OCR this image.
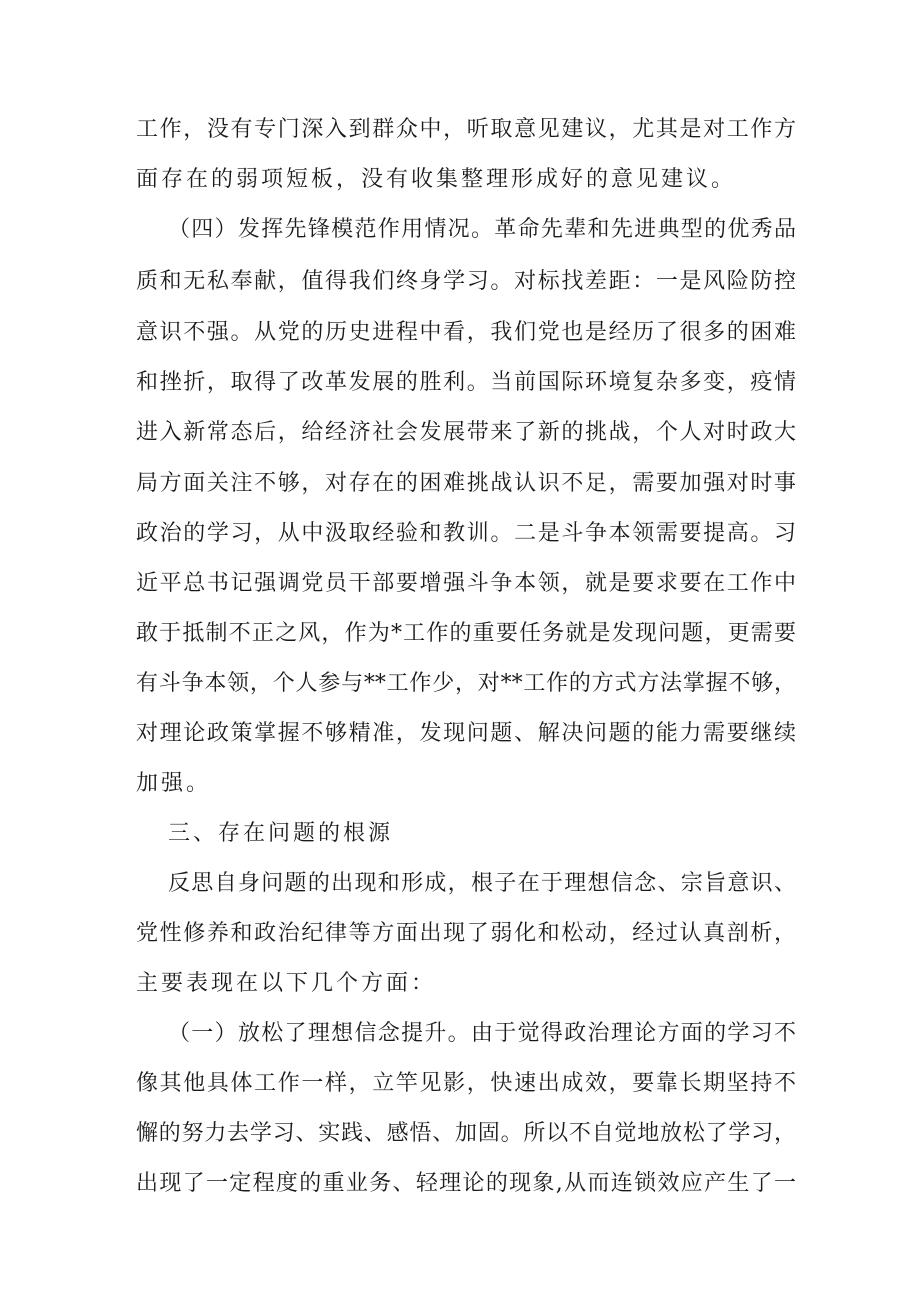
工作，没有专门深入到群众中，听取意见建议，尤其是对工作方
面存在的弱项短板，没有收集整理形成好的意见建议。
（四）发挥先锋模范作用情况。革命先辈和先进典型的优秀品
质和无私奉献，值得我们终身学习。对标找差距：一是风险防控
意识不强。从党的历史进程中看，我们党也是经历了很多的困难
和挫折，取得了改革发展的胜利。当前国际环境复杂多变，疫情
进入新常态后，给经济社会发展带来了新的挑战，个人对时政大
局方面关注不够，对存在的困难挑战认识不足，需要加强对时事
政治的学习，从中汲取经验和教训。二是斗争本领需要提高。习
近平总书记强调党员干部要增强斗争本领，就是要求要在工作中
敢于抵制不正之风，作为*工作的重要任务就是发现问题，更需要
有斗争本领，个人参与**工作少，对**工作的方式方法掌握不够，
对理论政策掌握不够精准，发现问题、解决问题的能力需要继续
加强。
三、存在问题的根源
反思自身问题的出现和形成，根子在于理想信念、宗旨意识、
党性修养和政治纪律等方面出现了弱化和松动，经过认真剖析，
主要表现在以下几个方面：
（一）放松了理想信念提升。由于觉得政治理论方面的学习不
像其他具体工作一样，立竿见影，快速出成效，要靠长期坚持不
懈的努力去学习、实践、感悟、加固。所以不自觉地放松了学习，
出现了一定程度的重业务、轻理论的现象,从而连锁效应产生了一
